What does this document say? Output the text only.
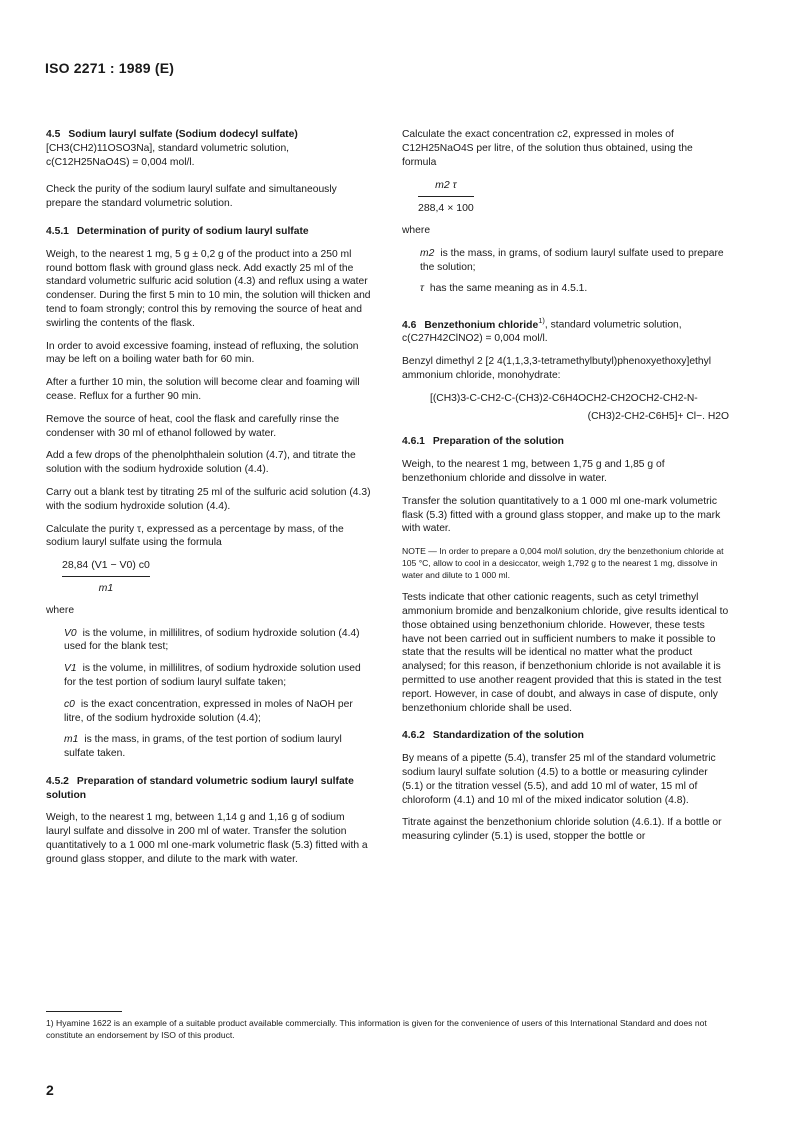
ISO 2271 : 1989 (E)
4.5 Sodium lauryl sulfate (Sodium dodecyl sulfate)
[CH3(CH2)11OSO3Na], standard volumetric solution,

c(C12H25NaO4S) = 0,004 mol/l.

Check the purity of the sodium lauryl sulfate and simultaneously prepare the standard volumetric solution.

4.5.1 Determination of purity of sodium lauryl sulfate

Weigh, to the nearest 1 mg, 5 g ± 0,2 g of the product into a 250 ml round bottom flask with ground glass neck. Add exactly 25 ml of the standard volumetric sulfuric acid solution (4.3) and reflux using a water condenser. During the first 5 min to 10 min, the solution will thicken and tend to foam strongly; control this by removing the source of heat and swirling the contents of the flask.

In order to avoid excessive foaming, instead of refluxing, the solution may be left on a boiling water bath for 60 min.

After a further 10 min, the solution will become clear and foaming will cease. Reflux for a further 90 min.

Remove the source of heat, cool the flask and carefully rinse the condenser with 30 ml of ethanol followed by water.

Add a few drops of the phenolphthalein solution (4.7), and titrate the solution with the sodium hydroxide solution (4.4).

Carry out a blank test by titrating 25 ml of the sulfuric acid solution (4.3) with the sodium hydroxide solution (4.4).

Calculate the purity τ, expressed as a percentage by mass, of the sodium lauryl sulfate using the formula

$\frac{28,84 (V1 - V0) c0}{m1}$

where

V0 is the volume, in millilitres, of sodium hydroxide solution (4.4) used for the blank test;
V1 is the volume, in millilitres, of sodium hydroxide solution used for the test portion of sodium lauryl sulfate taken;
c0 is the exact concentration, expressed in moles of NaOH per litre, of the sodium hydroxide solution (4.4);
m1 is the mass, in grams, of the test portion of sodium lauryl sulfate taken.
4.5.2 Preparation of standard volumetric sodium lauryl sulfate solution

Weigh, to the nearest 1 mg, between 1,14 g and 1,16 g of sodium lauryl sulfate and dissolve in 200 ml of water. Transfer the solution quantitatively to a 1 000 ml one-mark volumetric flask (5.3) fitted with a ground glass stopper, and dilute to the mark with water.

Calculate the exact concentration c2, expressed in moles of C12H25NaO4S per litre, of the solution thus obtained, using the formula

$\frac{m2 \tau}{288,4 \times 100}$

where

m2 is the mass, in grams, of sodium lauryl sulfate used to prepare the solution;
τ has the same meaning as in 4.5.1.

4.6 Benzethonium chloride$^{1)}$, standard volumetric solution, c(C27H42ClNO2) = 0,004 mol/l.

Benzyl dimethyl 2 [2 4(1,1,3,3-tetramethylbutyl)phenoxyethoxy]ethyl ammonium chloride, monohydrate:

[(CH3)3-C-CH2-C-(CH3)2-C6H4OCH2-CH2OCH2-CH2-N-
(CH3)2-CH2-C6H5]+ Cl−. H2O
4.6.1 Preparation of the solution

Weigh, to the nearest 1 mg, between 1,75 g and 1,85 g of benzethonium chloride and dissolve in water.

Transfer the solution quantitatively to a 1 000 ml one-mark volumetric flask (5.3) fitted with a ground glass stopper, and make up to the mark with water.

NOTE — In order to prepare a 0,004 mol/l solution, dry the benzethonium chloride at 105 °C, allow to cool in a desiccator, weigh 1,792 g to the nearest 1 mg, dissolve in water and dilute to 1 000 ml.

Tests indicate that other cationic reagents, such as cetyl trimethyl ammonium bromide and benzalkonium chloride, give results identical to those obtained using benzethonium chloride. However, these tests have not been carried out in sufficient numbers to make it possible to state that the results will be identical no matter what the product analysed; for this reason, if benzethonium chloride is not available it is permitted to use another reagent provided that this is stated in the test report. However, in case of doubt, and always in case of dispute, only benzethonium chloride shall be used.

4.6.2 Standardization of the solution

By means of a pipette (5.4), transfer 25 ml of the standard volumetric sodium lauryl sulfate solution (4.5) to a bottle or measuring cylinder (5.1) or the titration vessel (5.5), and add 10 ml of water, 15 ml of chloroform (4.1) and 10 ml of the mixed indicator solution (4.8).

Titrate against the benzethonium chloride solution (4.6.1). If a bottle or measuring cylinder (5.1) is used, stopper the bottle or

1) Hyamine 1622 is an example of a suitable product available commercially. This information is given for the convenience of users of this International Standard and does not constitute an endorsement by ISO of this product.
2
